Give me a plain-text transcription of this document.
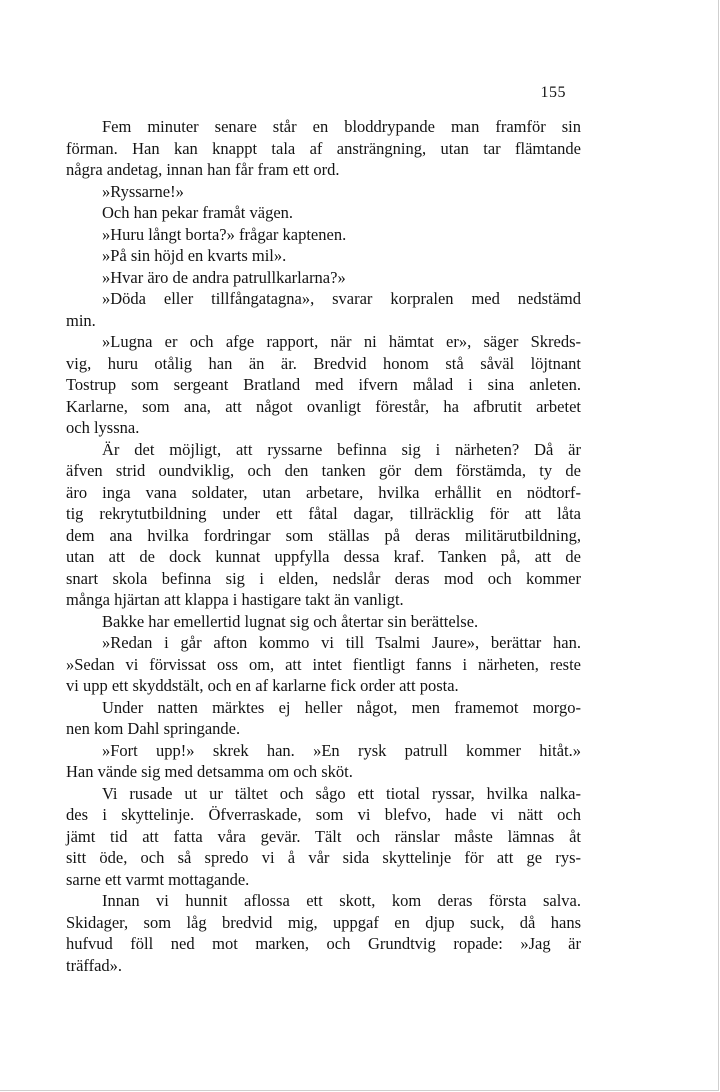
155
Fem minuter senare står en bloddrypande man framför sin
förman. Han kan knappt tala af ansträngning, utan tar flämtande
några andetag, innan han får fram ett ord.
»Ryssarne!»
Och han pekar framåt vägen.
»Huru långt borta?» frågar kaptenen.
»På sin höjd en kvarts mil».
»Hvar äro de andra patrullkarlarna?»
»Döda eller tillfångatagna», svarar korpralen med nedstämd
min.
»Lugna er och afge rapport, när ni hämtat er», säger Skreds-
vig, huru otålig han än är. Bredvid honom stå såväl löjtnant
Tostrup som sergeant Bratland med ifvern målad i sina anleten.
Karlarne, som ana, att något ovanligt förestår, ha afbrutit arbetet
och lyssna.
Är det möjligt, att ryssarne befinna sig i närheten? Då är
äfven strid oundviklig, och den tanken gör dem förstämda, ty de
äro inga vana soldater, utan arbetare, hvilka erhållit en nödtorf-
tig rekrytutbildning under ett fåtal dagar, tillräcklig för att låta
dem ana hvilka fordringar som ställas på deras militärutbildning,
utan att de dock kunnat uppfylla dessa kraf. Tanken på, att de
snart skola befinna sig i elden, nedslår deras mod och kommer
många hjärtan att klappa i hastigare takt än vanligt.
Bakke har emellertid lugnat sig och återtar sin berättelse.
»Redan i går afton kommo vi till Tsalmi Jaure», berättar han.
»Sedan vi förvissat oss om, att intet fientligt fanns i närheten, reste
vi upp ett skyddstält, och en af karlarne fick order att posta.
Under natten märktes ej heller något, men framemot morgo-
nen kom Dahl springande.
»Fort upp!» skrek han. »En rysk patrull kommer hitåt.»
Han vände sig med detsamma om och sköt.
Vi rusade ut ur tältet och sågo ett tiotal ryssar, hvilka nalka-
des i skyttelinje. Öfverraskade, som vi blefvo, hade vi nätt och
jämt tid att fatta våra gevär. Tält och ränslar måste lämnas åt
sitt öde, och så spredo vi å vår sida skyttelinje för att ge rys-
sarne ett varmt mottagande.
Innan vi hunnit aflossa ett skott, kom deras första salva.
Skidager, som låg bredvid mig, uppgaf en djup suck, då hans
hufvud föll ned mot marken, och Grundtvig ropade: »Jag är
träffad».
